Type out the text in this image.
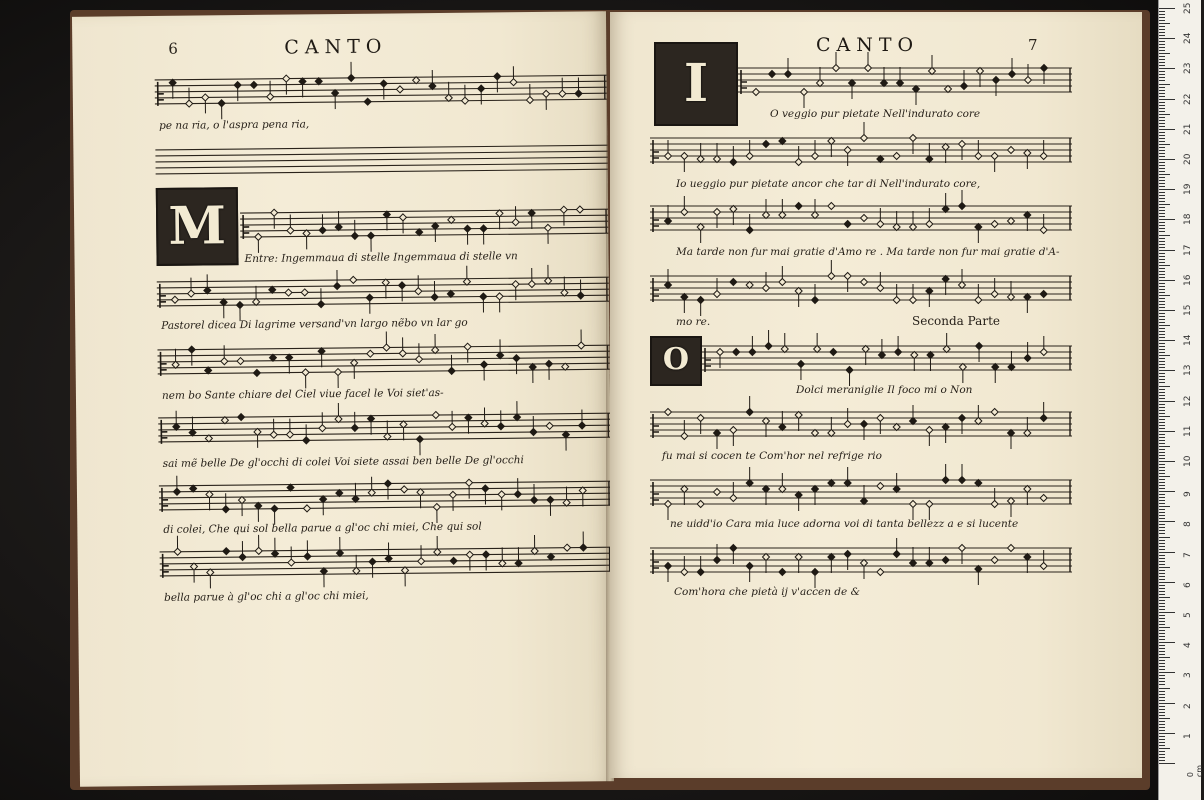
6	CANTO
pe na ria, o l'aspra pena ria,
M
Entre: Ingemmaua di stelle Ingemmaua di stelle vn
Pastorel dicea Di lagrime versand'vn largo nẽbo vn lar go
nem bo Sante chiare del Ciel viue facel le Voi siet'as-
sai mẽ belle De gl'occhi di colei Voi siete assai ben belle De gl'occhi
di colei, Che qui sol bella parue a gl'oc chi miei, Che qui sol
bella parue à gl'oc chi a gl'oc chi miei,
CANTO	7
I	O veggio pur pietate Nell'indurato core
Io ueggio pur pietate ancor che tar di Nell'indurato core,
Ma tarde non fur mai gratie d'Amo re . Ma tarde non fur mai gratie d'A-
mo re.	Seconda Parte
O
Dolci meraniglie Il foco mi o Non
fu mai si cocen te Com'hor nel refrige rio
ne uidd'io Cara mia luce adorna voi di tanta bellezz a e si lucente
Com'hora che pietà ij v'accen de &
25
24
23
22
21
20
19
18
17
16
15
14
13
12
11
10
9
8
7
6
5
4
3
2
1
0 cm
